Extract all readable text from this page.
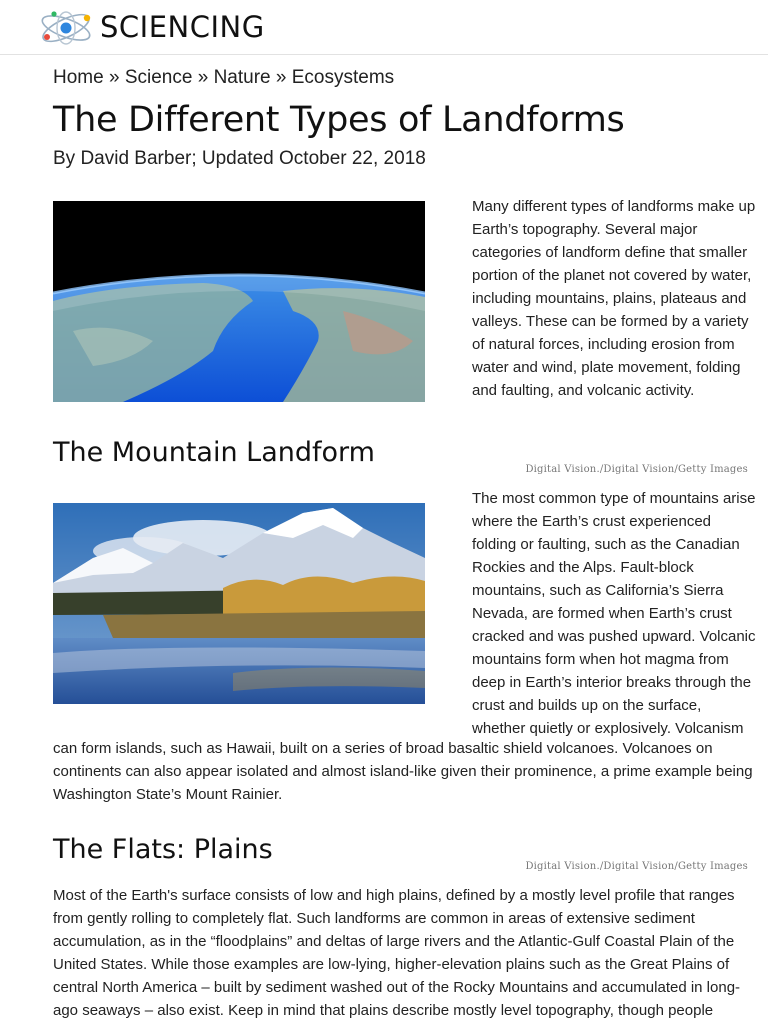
SCIENCING
Home » Science » Nature » Ecosystems
The Different Types of Landforms
By David Barber; Updated October 22, 2018

Many different types of landforms make up Earth’s topography. Several major categories of landform define that smaller portion of the planet not covered by water, including mountains, plains, plateaus and valleys. These can be formed by a variety of natural forces, including erosion from water and wind, plate movement, folding and faulting, and volcanic activity.

The Mountain Landform
Digital Vision./Digital Vision/Getty Images

The most common type of mountains arise where the Earth’s crust experienced folding or faulting, such as the Canadian Rockies and the Alps. Fault-block mountains, such as California’s Sierra Nevada, are formed when Earth’s crust cracked and was pushed upward. Volcanic mountains form when hot magma from deep in Earth’s interior breaks through the crust and builds up on the surface, whether quietly or explosively. Volcanism

can form islands, such as Hawaii, built on a series of broad basaltic shield volcanoes. Volcanoes on continents can also appear isolated and almost island-like given their prominence, a prime example being Washington State’s Mount Rainier.

The Flats: Plains
Digital Vision./Digital Vision/Getty Images

Most of the Earth's surface consists of low and high plains, defined by a mostly level profile that ranges from gently rolling to completely flat. Such landforms are common in areas of extensive sediment accumulation, as in the “floodplains” and deltas of large rivers and the Atlantic-Gulf Coastal Plain of the United States. While those examples are low-lying, higher-elevation plains such as the Great Plains of central North America – built by sediment washed out of the Rocky Mountains and accumulated in long-ago seaways – also exist. Keep in mind that plains describe mostly level topography, though people
